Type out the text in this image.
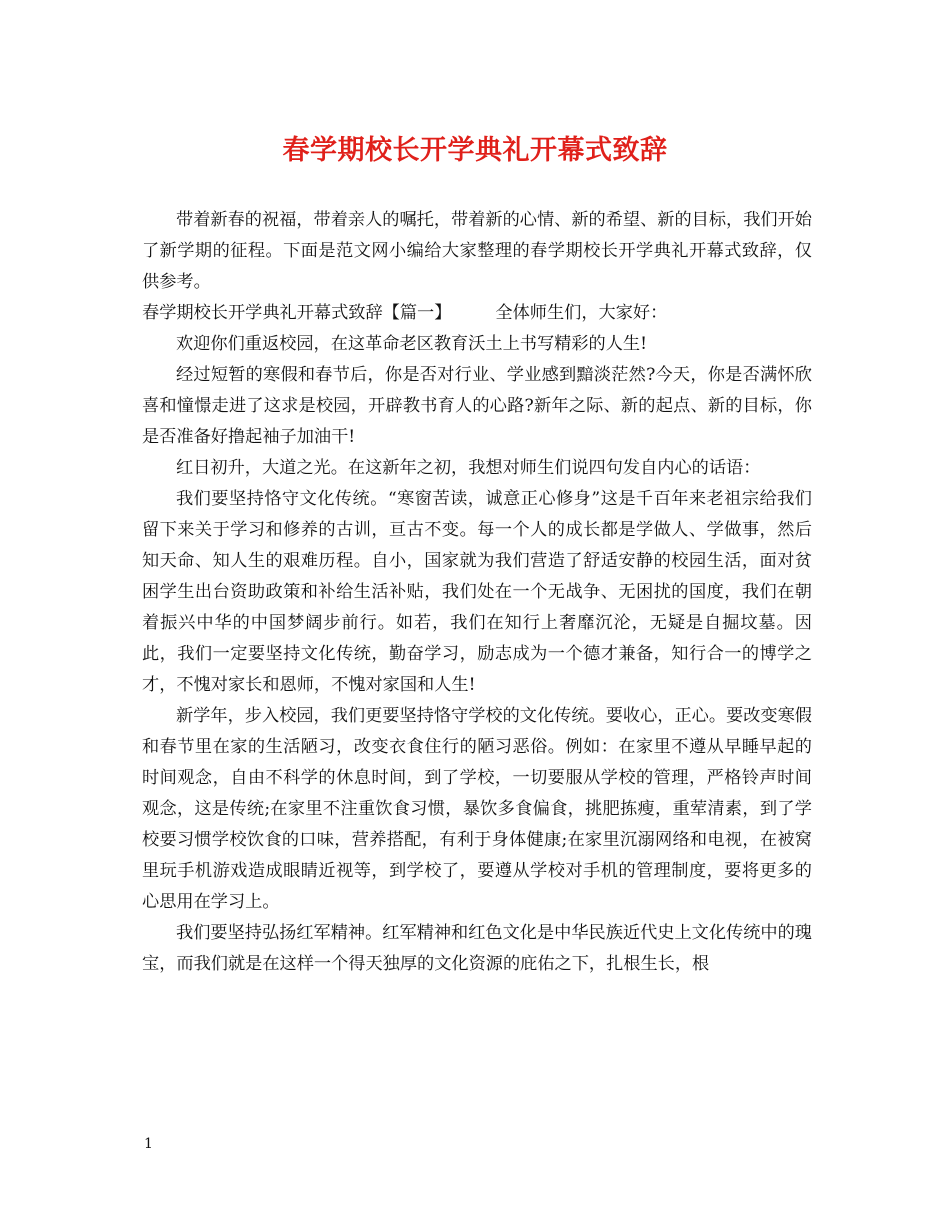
春学期校长开学典礼开幕式致辞

带着新春的祝福，带着亲人的嘱托，带着新的心情、新的希望、新的目标，我们开始了新学期的征程。下面是范文网小编给大家整理的春学期校长开学典礼开幕式致辞，仅供参考。

春学期校长开学典礼开幕式致辞【篇一】	全体师生们，大家好：

欢迎你们重返校园，在这革命老区教育沃土上书写精彩的人生!

经过短暂的寒假和春节后，你是否对行业、学业感到黯淡茫然?今天，你是否满怀欣喜和憧憬走进了这求是校园，开辟教书育人的心路?新年之际、新的起点、新的目标，你是否准备好撸起袖子加油干!

红日初升，大道之光。在这新年之初，我想对师生们说四句发自内心的话语：

我们要坚持恪守文化传统。“寒窗苦读，诚意正心修身”这是千百年来老祖宗给我们留下来关于学习和修养的古训，亘古不变。每一个人的成长都是学做人、学做事，然后知天命、知人生的艰难历程。自小，国家就为我们营造了舒适安静的校园生活，面对贫困学生出台资助政策和补给生活补贴，我们处在一个无战争、无困扰的国度，我们在朝着振兴中华的中国梦阔步前行。如若，我们在知行上奢靡沉沦，无疑是自掘坟墓。因此，我们一定要坚持文化传统，勤奋学习，励志成为一个德才兼备，知行合一的博学之才，不愧对家长和恩师，不愧对家国和人生!

新学年，步入校园，我们更要坚持恪守学校的文化传统。要收心，正心。要改变寒假和春节里在家的生活陋习，改变衣食住行的陋习恶俗。例如：在家里不遵从早睡早起的时间观念，自由不科学的休息时间，到了学校，一切要服从学校的管理，严格铃声时间观念，这是传统;在家里不注重饮食习惯，暴饮多食偏食，挑肥拣瘦，重荤清素，到了学校要习惯学校饮食的口味，营养搭配，有利于身体健康;在家里沉溺网络和电视，在被窝里玩手机游戏造成眼睛近视等，到学校了，要遵从学校对手机的管理制度，要将更多的心思用在学习上。

我们要坚持弘扬红军精神。红军精神和红色文化是中华民族近代史上文化传统中的瑰宝，而我们就是在这样一个得天独厚的文化资源的庇佑之下，扎根生长，根

1
